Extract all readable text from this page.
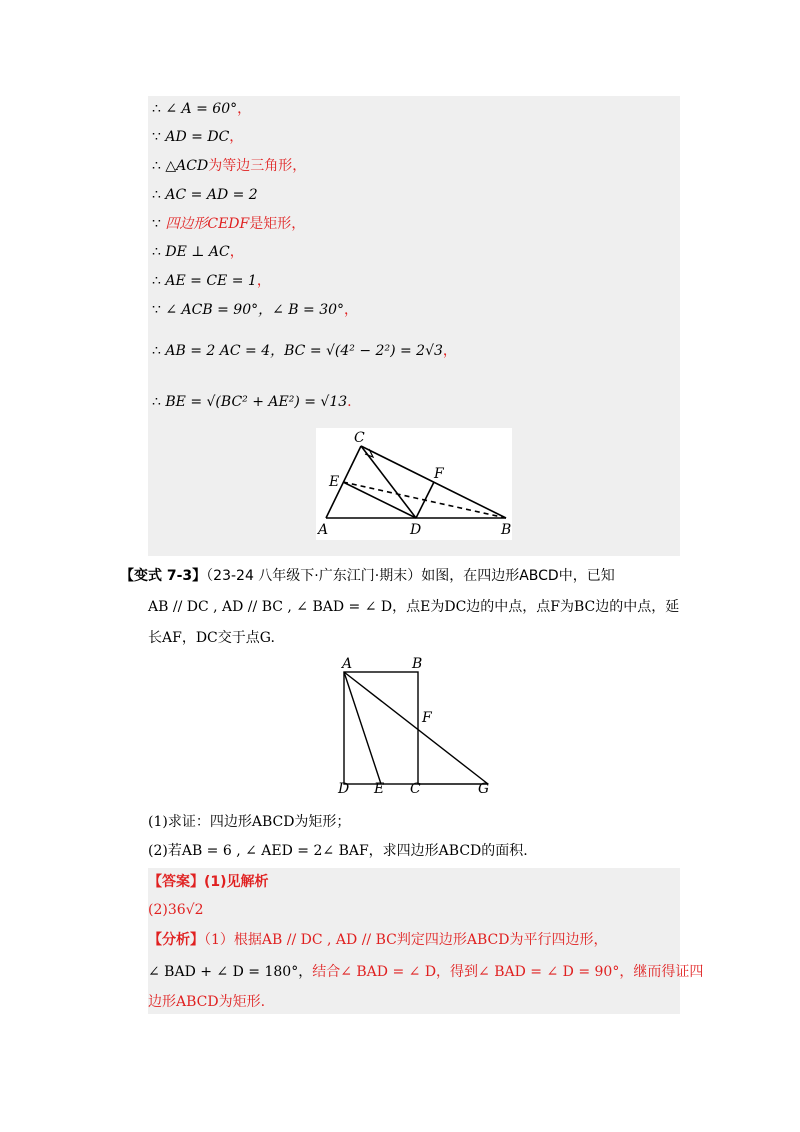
∴ ∠ A = 60°，
∵ AD = DC，
∴ △ACD为等边三角形，
∴ AC = AD = 2
∵ 四边形CEDF是矩形，
∴ DE ⊥ AC，
∴ AE = CE = 1，
∵ ∠ ACB = 90°，∠ B = 30°，
∴ AB = 2 AC = 4，BC = √(4² − 2²) = 2√3，
∴ BE = √(BC² + AE²) = √13.
A	B
C
D
E	F
【变式 7-3】（23-24 八年级下·广东江门·期末）如图，在四边形ABCD中，已知
AB // DC , AD // BC , ∠ BAD = ∠ D，点E为DC边的中点，点F为BC边的中点，延
长AF，DC交于点G.
A	B
C
D E
F
G
(1)求证：四边形ABCD为矩形；
(2)若AB = 6 , ∠ AED = 2∠ BAF，求四边形ABCD的面积.
【答案】(1)见解析
(2)36√2
【分析】（1）根据AB // DC , AD // BC判定四边形ABCD为平行四边形，
∠ BAD + ∠ D = 180°，结合∠ BAD = ∠ D，得到∠ BAD = ∠ D = 90°，继而得证四
边形ABCD为矩形.
